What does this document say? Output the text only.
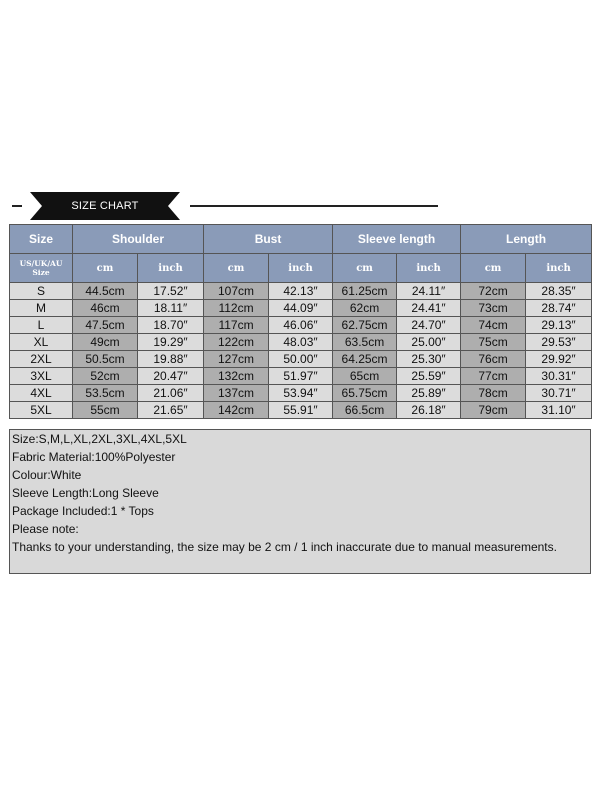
SIZE CHART
Size	Shoulder		Bust		Sleeve length		Length	
US/UK/AU Size	cm	inch	cm	inch	cm	inch	cm	inch
S	44.5cm	17.52″	107cm	42.13″	61.25cm	24.11″	72cm	28.35″
M	46cm	18.11″	112cm	44.09″	62cm	24.41″	73cm	28.74″
L	47.5cm	18.70″	117cm	46.06″	62.75cm	24.70″	74cm	29.13″
XL	49cm	19.29″	122cm	48.03″	63.5cm	25.00″	75cm	29.53″
2XL	50.5cm	19.88″	127cm	50.00″	64.25cm	25.30″	76cm	29.92″
3XL	52cm	20.47″	132cm	51.97″	65cm	25.59″	77cm	30.31″
4XL	53.5cm	21.06″	137cm	53.94″	65.75cm	25.89″	78cm	30.71″
5XL	55cm	21.65″	142cm	55.91″	66.5cm	26.18″	79cm	31.10″
Size:S,M,L,XL,2XL,3XL,4XL,5XL
Fabric Material:100%Polyester
Colour:White
Sleeve Length:Long Sleeve
Package Included:1 * Tops
Please note:
Thanks to your understanding, the size may be 2 cm / 1 inch inaccurate due to manual measurements.
